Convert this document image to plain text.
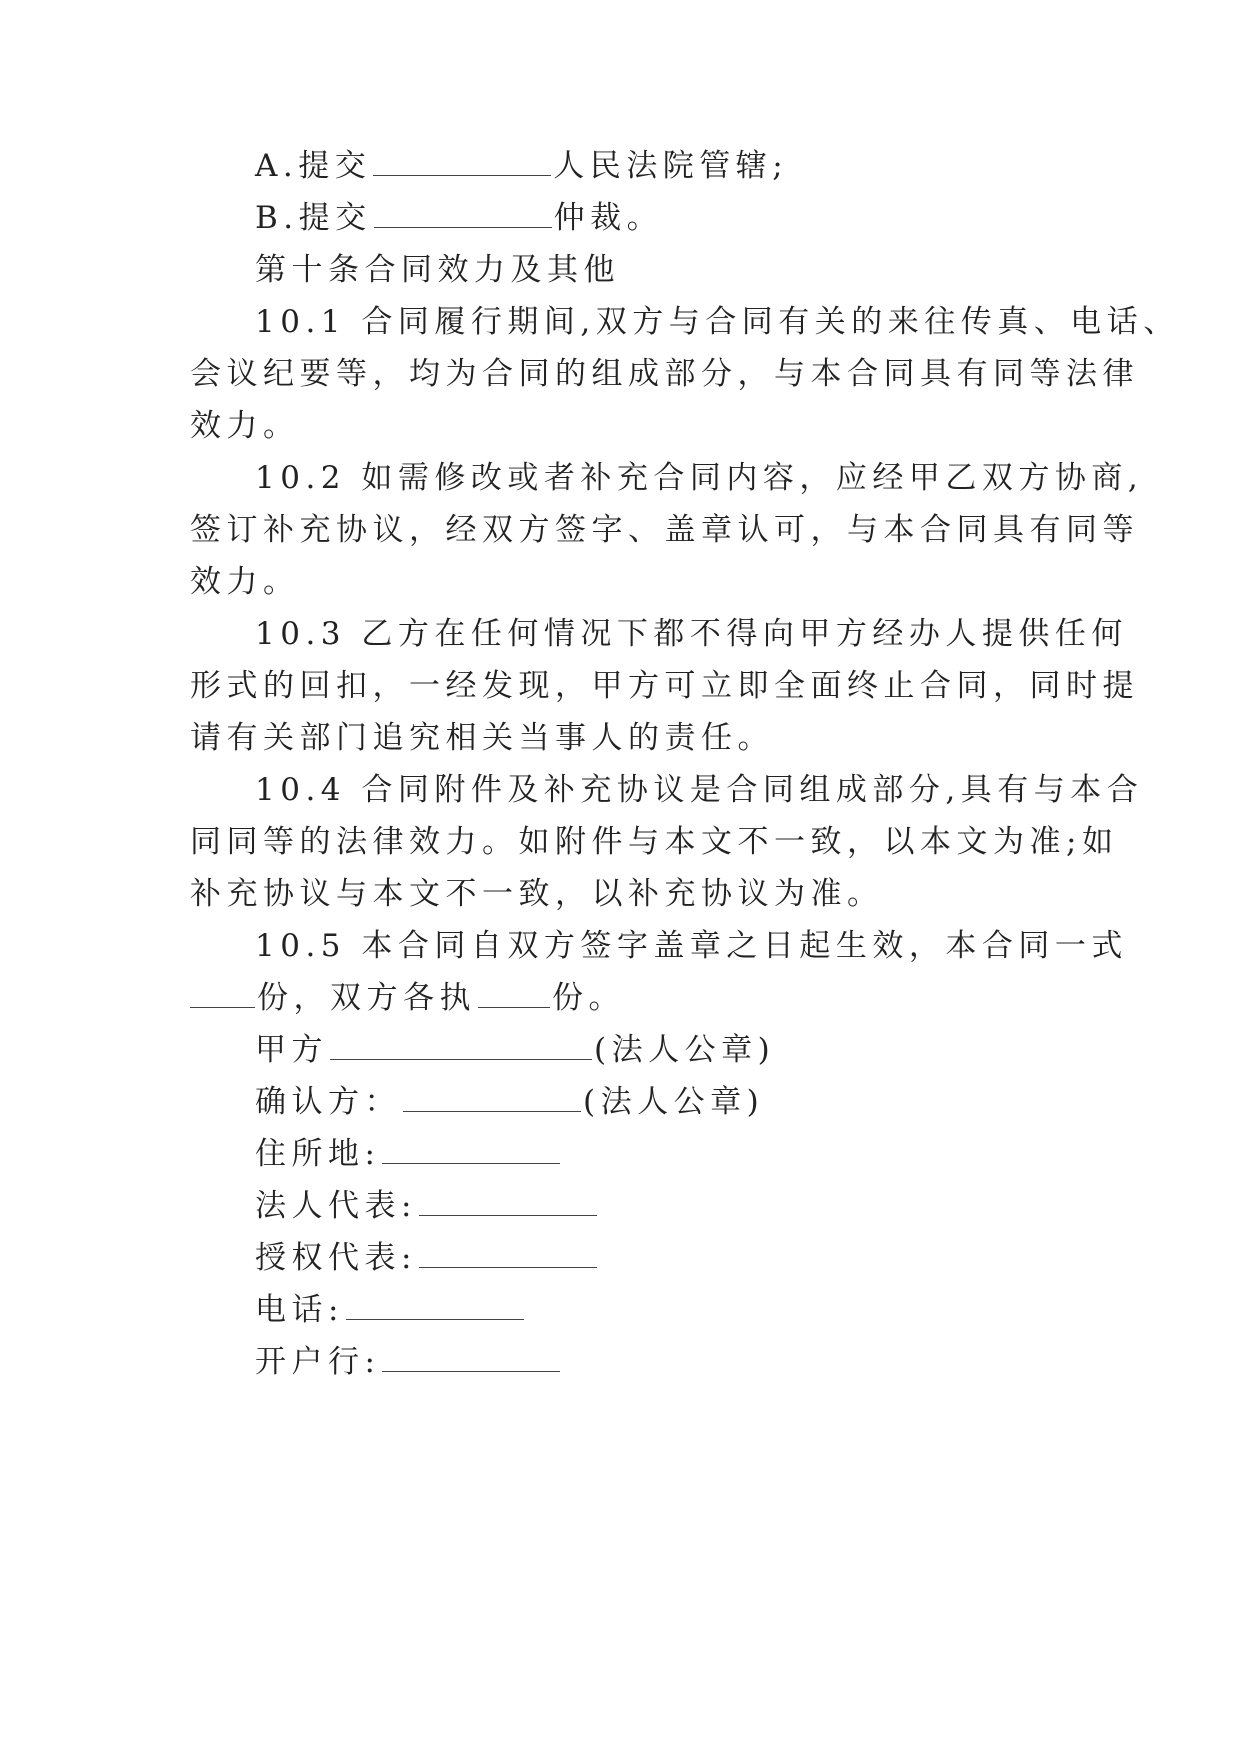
A.提交	人民法院管辖;
B.提交	仲裁。
第十条合同效力及其他
10.1 合同履行期间,双方与合同有关的来往传真、电话、
会议纪要等，均为合同的组成部分，与本合同具有同等法律
效力。
10.2 如需修改或者补充合同内容，应经甲乙双方协商,
签订补充协议，经双方签字、盖章认可，与本合同具有同等
效力。
10.3 乙方在任何情况下都不得向甲方经办人提供任何
形式的回扣，一经发现，甲方可立即全面终止合同，同时提
请有关部门追究相关当事人的责任。
10.4 合同附件及补充协议是合同组成部分,具有与本合
同同等的法律效力。如附件与本文不一致，以本文为准;如
补充协议与本文不一致，以补充协议为准。
10.5 本合同自双方签字盖章之日起生效，本合同一式
份，双方各执 份。
甲方	(法人公章)
确认方：	(法人公章)
住所地:
法人代表:
授权代表:
电话:
开户行:
